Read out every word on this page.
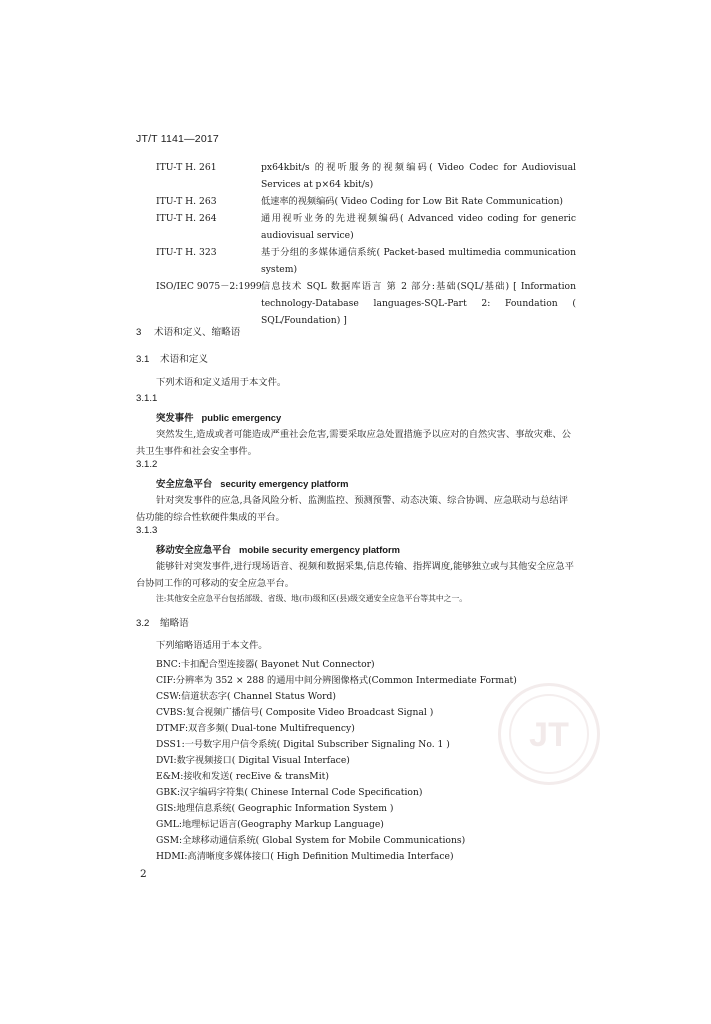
JT/T 1141—2017
ITU-T H. 261	px64kbit/s 的视听服务的视频编码( Video Codec for Audiovisual Services at p×64 kbit/s)
ITU-T H. 263	低速率的视频编码( Video Coding for Low Bit Rate Communication)
ITU-T H. 264	通用视听业务的先进视频编码( Advanced video coding for generic audiovisual service)
ITU-T H. 323	基于分组的多媒体通信系统( Packet-based multimedia communication system)
ISO/IEC 9075－2:1999 信息技术 SQL 数据库语言 第 2 部分:基础(SQL/基础) [ Information technology-Database languages-SQL-Part 2: Foundation ( SQL/Foundation) ]
3 术语和定义、缩略语
3.1 术语和定义
下列术语和定义适用于本文件。
3.1.1
突发事件 public emergency
突然发生,造成或者可能造成严重社会危害,需要采取应急处置措施予以应对的自然灾害、事故灾难、公共卫生事件和社会安全事件。
3.1.2
安全应急平台 security emergency platform
针对突发事件的应急,具备风险分析、监测监控、预测预警、动态决策、综合协调、应急联动与总结评估功能的综合性软硬件集成的平台。
3.1.3
移动安全应急平台 mobile security emergency platform
能够针对突发事件,进行现场语音、视频和数据采集,信息传输、指挥调度,能够独立或与其他安全应急平台协同工作的可移动的安全应急平台。
注:其他安全应急平台包括部级、省级、地(市)级和区(县)级交通安全应急平台等其中之一。
3.2 缩略语
下列缩略语适用于本文件。
BNC:卡扣配合型连接器( Bayonet Nut Connector)
CIF:分辨率为 352 × 288 的通用中间分辨图像格式(Common Intermediate Format)
CSW:信道状态字( Channel Status Word)
CVBS:复合视频广播信号( Composite Video Broadcast Signal )
DTMF:双音多频( Dual-tone Multifrequency)
DSS1:一号数字用户信令系统( Digital Subscriber Signaling No. 1 )
DVI:数字视频接口( Digital Visual Interface)
E&M:接收和发送( recEive & transMit)
GBK:汉字编码字符集( Chinese Internal Code Specification)
GIS:地理信息系统( Geographic Information System )
GML:地理标记语言(Geography Markup Language)
GSM:全球移动通信系统( Global System for Mobile Communications)
HDMI:高清晰度多媒体接口( High Definition Multimedia Interface)
JT
2
